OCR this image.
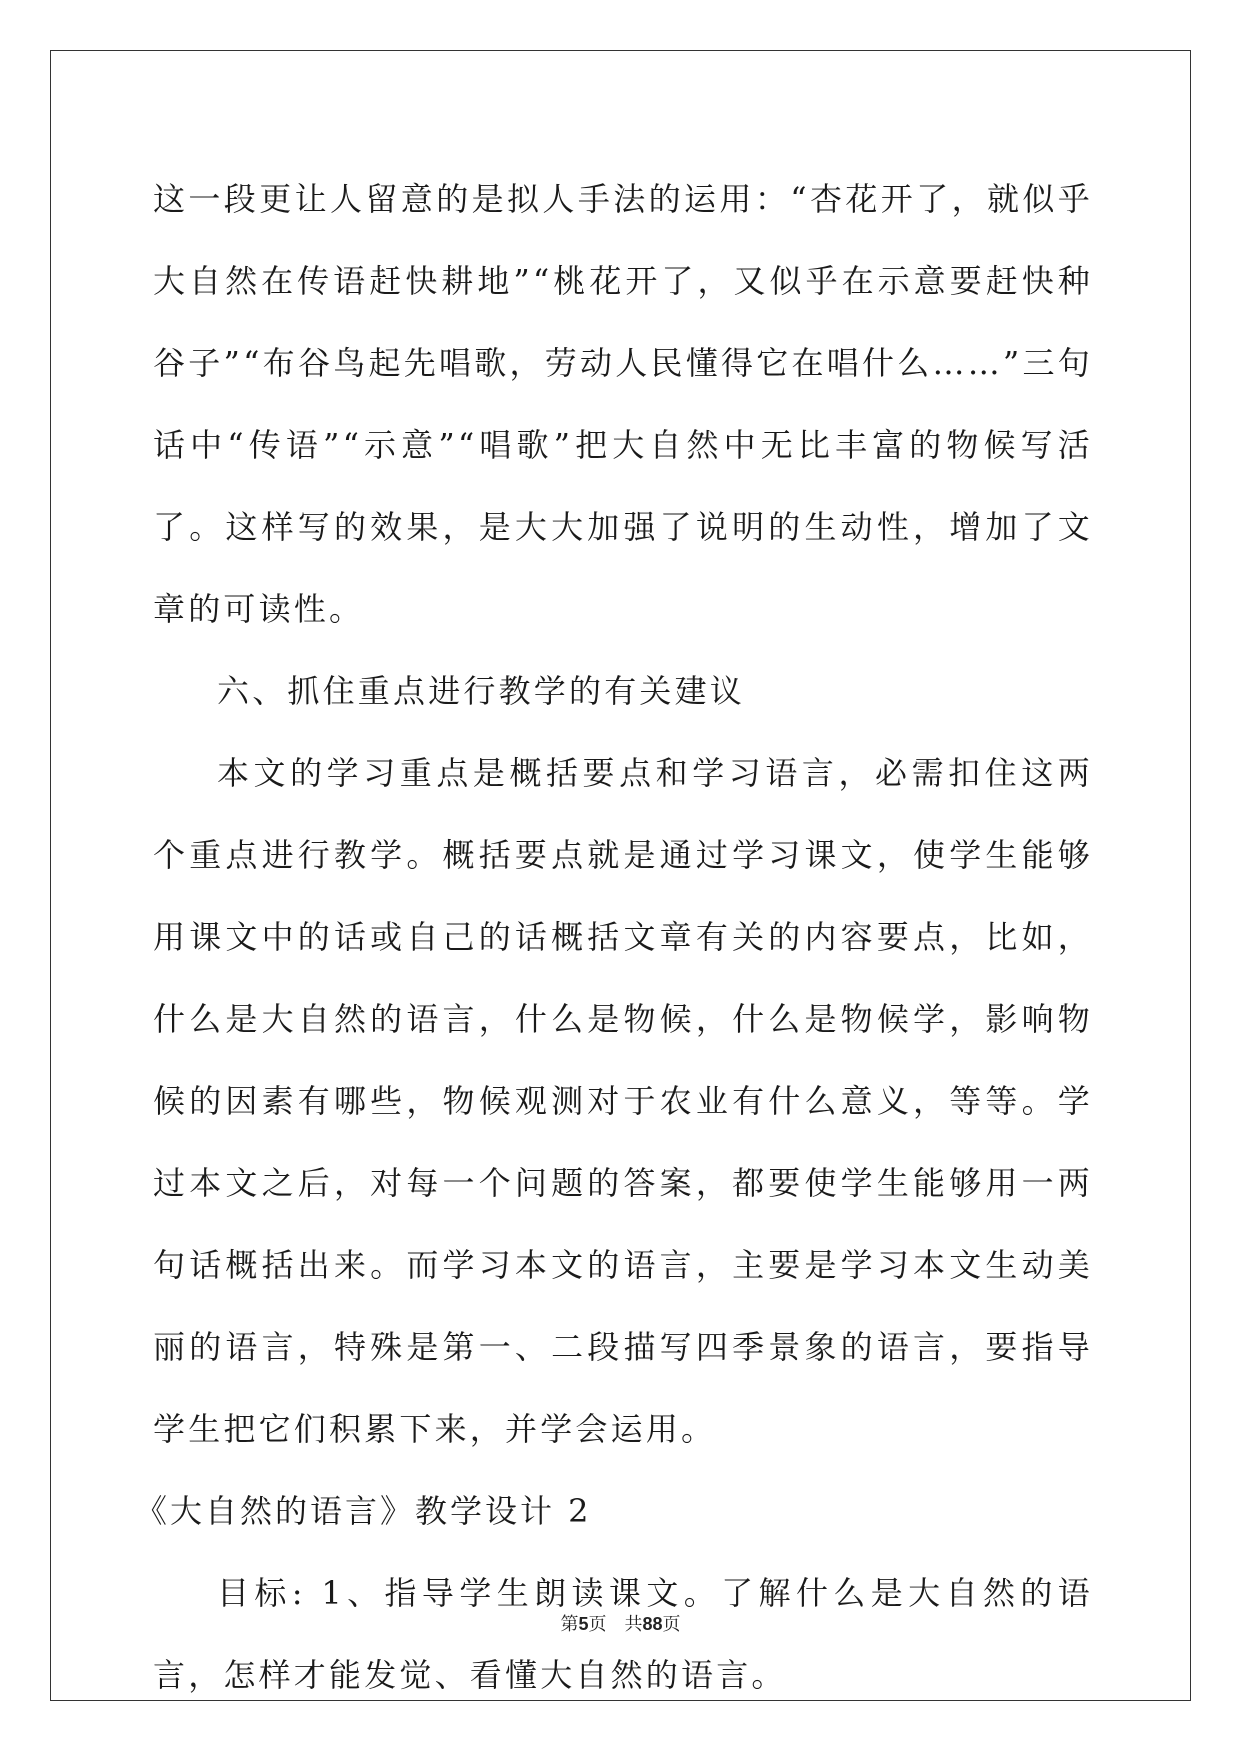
这一段更让人留意的是拟人手法的运用：“杏花开了，就似乎大自然在传语赶快耕地”“桃花开了，又似乎在示意要赶快种谷子”“布谷鸟起先唱歌，劳动人民懂得它在唱什么……”三句话中“传语”“示意”“唱歌”把大自然中无比丰富的物候写活了。这样写的效果，是大大加强了说明的生动性，增加了文章的可读性。

六、抓住重点进行教学的有关建议

本文的学习重点是概括要点和学习语言，必需扣住这两个重点进行教学。概括要点就是通过学习课文，使学生能够用课文中的话或自己的话概括文章有关的内容要点，比如，什么是大自然的语言，什么是物候，什么是物候学，影响物候的因素有哪些，物候观测对于农业有什么意义，等等。学过本文之后，对每一个问题的答案，都要使学生能够用一两句话概括出来。而学习本文的语言，主要是学习本文生动美丽的语言，特殊是第一、二段描写四季景象的语言，要指导学生把它们积累下来，并学会运用。

《大自然的语言》教学设计 2

目标: 1、指导学生朗读课文。了解什么是大自然的语言，怎样才能发觉、看懂大自然的语言。

第5页 共88页
